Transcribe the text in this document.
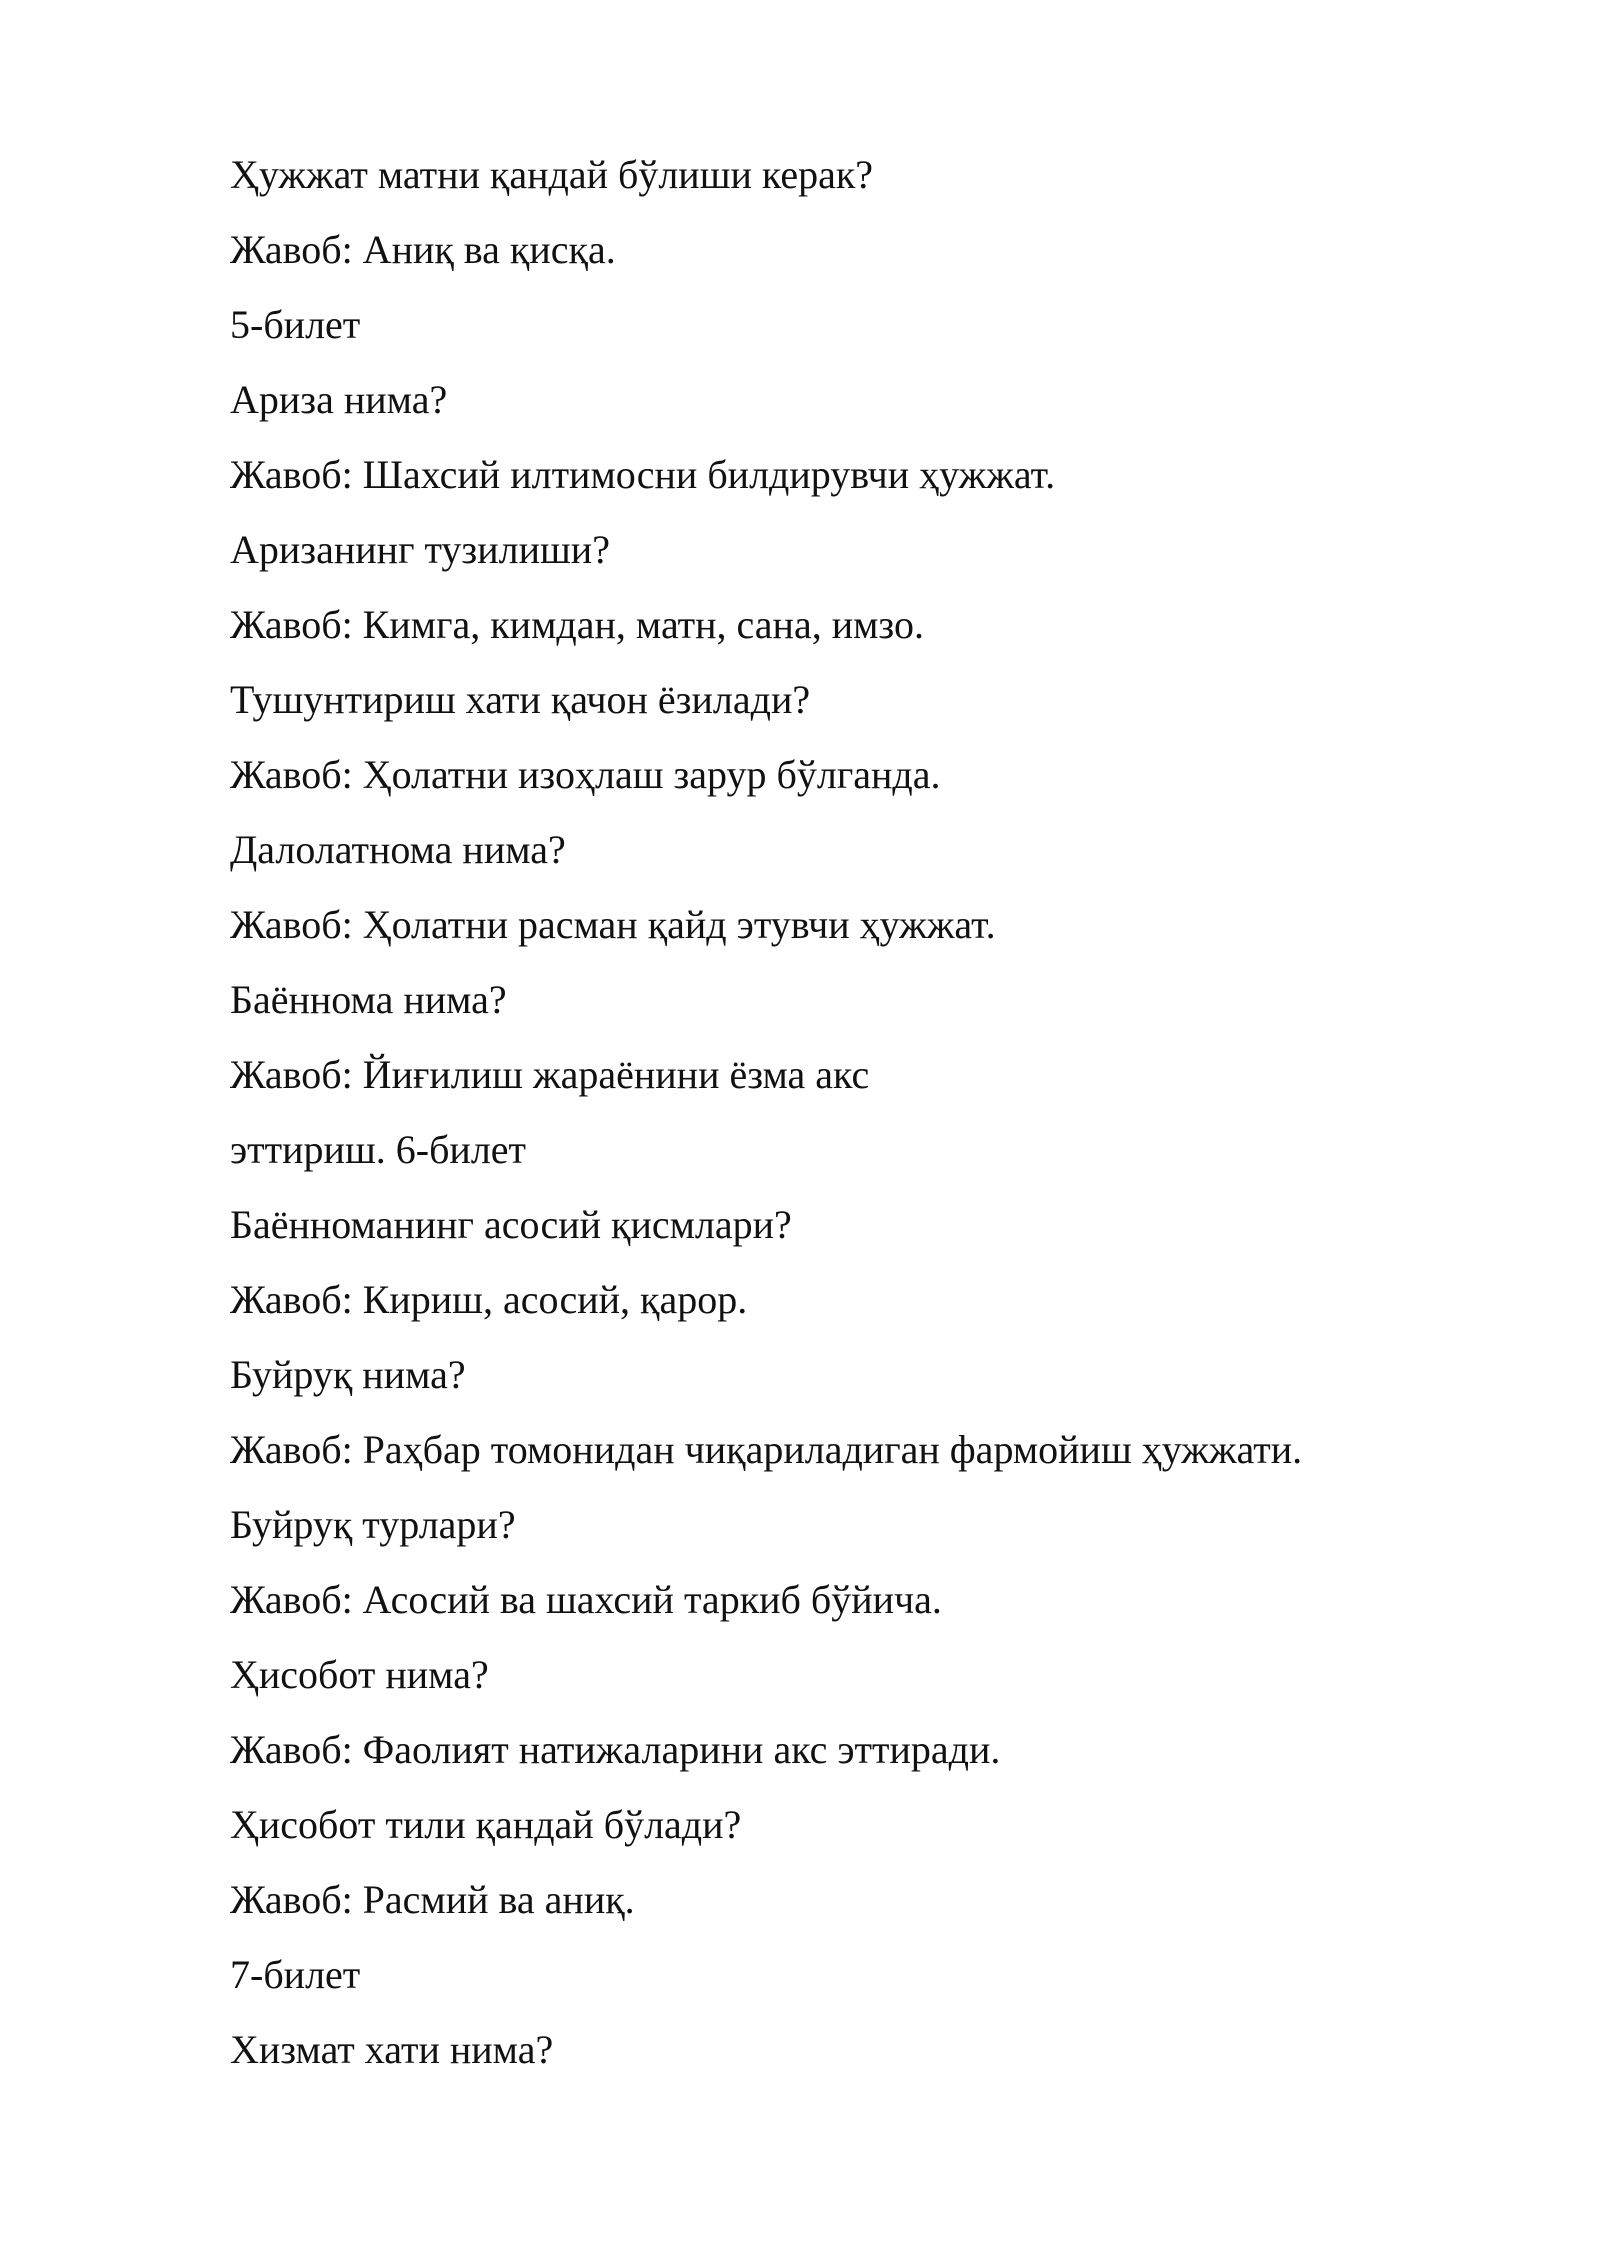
Ҳужжат матни қандай бўлиши керак?
Жавоб: Аниқ ва қисқа.
5-билет
Ариза нима?
Жавоб: Шахсий илтимосни билдирувчи ҳужжат.
Аризанинг тузилиши?
Жавоб: Кимга, кимдан, матн, сана, имзо.
Тушунтириш хати қачон ёзилади?
Жавоб: Ҳолатни изоҳлаш зарур бўлганда.
Далолатнома нима?
Жавоб: Ҳолатни расман қайд этувчи ҳужжат.
Баённома нима?
Жавоб: Йиғилиш жараёнини ёзма акс
эттириш. 6-билет
Баённоманинг асосий қисмлари?
Жавоб: Кириш, асосий, қарор.
Буйруқ нима?
Жавоб: Раҳбар томонидан чиқариладиган фармойиш ҳужжати.
Буйруқ турлари?
Жавоб: Асосий ва шахсий таркиб бўйича.
Ҳисобот нима?
Жавоб: Фаолият натижаларини акс эттиради.
Ҳисобот тили қандай бўлади?
Жавоб: Расмий ва аниқ.
7-билет
Хизмат хати нима?
